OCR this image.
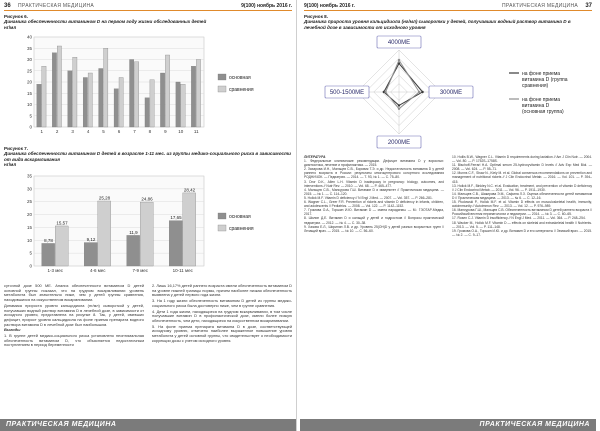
36 ПРАКТИЧЕСКАЯ МЕДИЦИНА	9(100) ноябрь 2016 г.
Рисунок 6.
Динамика обеспеченности витамином D на первом году жизни обследованных детей
нг/мл
0
5
10
15
20
25
30
35
40
1	2	3	4	5	6	7	8	9	10 11
основная
сравнения
Рисунок 7.
Динамика обеспеченности витамином D детей в возрасте 1-11 мес. из группы медико-социального риска в зависимости от вида вскармливания
нг/мл
0
5
10
15
20
25
30
35
8,78
15,57
1-3 мес
9,12
25,28
4-6 мес
11,9
24,86
7-9 мес
17,65
28,42
10-11 мес
основная
сравнения

суточной дозе 500 МЕ. Анализ обеспеченности витамином D детей основной группы показал, что на грудном вскармливании уровень метаболита был значительно ниже, чем у детей группы сравнения, находившихся на искусственном вскармливании.

Динамика прироста уровня кальцидиола (нг/мл) сывороткой у детей, получавших водный раствор витамина D в лечебной дозе, в зависимости от исходного уровня, представлена на рисунке 8. Так, у детей, имевших дефицит, прирост уровня кальцидиола на фоне приема препарата водного раствора витамина D в лечебной дозе был наибольшим.

Выводы

1. В группе детей медико-социального риска установлено неоптимальная обеспеченность витамином D, что объясняется недостаточным поступлением в период беременности

2. Лишь 16,17% детей раннего возраста имели обеспеченность витамином D на уровне нижней границы нормы, причем наиболее низкая обеспеченность выявлена у детей первого года жизни.

3. На 1 году жизни обеспеченность витамином D детей из группы медико-социального риска была достоверно ниже, чем в группе сравнения.

4. Дети 1 года жизни, находящиеся на грудном вскармливании, в том числе получавшие витамин D в профилактической дозе, имели более низкую обеспеченность, чем дети, находящиеся на искусственном вскармливании.

5. На фоне приема препарата витамина D в дозе, соответствующей исходному уровню, отмечено наиболее выраженное повышение уровня метаболита у детей основной группы, что свидетельствует о необходимости коррекции дозы с учетом исходного уровня.

ПРАКТИЧЕСКАЯ МЕДИЦИНА
9(100) ноябрь 2016 г.	ПРАКТИЧЕСКАЯ МЕДИЦИНА 37
Рисунок 8.
Динамика прироста уровня кальцидиола (нг/мл) сыворотки у детей, получавших водный раствор витамина D в лечебной дозе в зависимости от исходного уровня
4000МЕ
3000МЕ
2000МЕ
500-1500МЕ
на фоне приема
витамина D (группа
сравнения)
на фоне приема
витамина D
(основная группа)
ЛИТЕРАТУРА
1. Федеральные клинические рекомендации. Дефицит витамина D у взрослых: диагностика, лечение и профилактика. — 2015.
2. Захарова И.Н., Мальцев С.В., Боровик Т.Э. и др. Недостаточность витамина D у детей раннего возраста в России: результаты многоцентрового когортного исследования РОДНИЧОК. — Педиатрия. — 2014. — Т. 93, № 1. — С. 75–80.
3. Dror D.K., Allen L.H. Vitamin D inadequacy in pregnancy: biology, outcomes, and interventions // Nutr Rev. — 2010. — Vol. 68. — P. 465–477.
4. Мальцев С.В., Мансурова Г.Ш. Витамин D и иммунитет // Практическая медицина. — 2015. — № 1. — С. 114–120.
5. Holick M.F. Vitamin D deficiency // N Engl J Med. — 2007. — Vol. 357. — P. 266–281.
6. Wagner C.L., Greer F.R. Prevention of rickets and vitamin D deficiency in infants, children, and adolescents // Pediatrics. — 2008. — Vol. 122. — P. 1142–1152.
7. Громова О.А., Торшин И.Ю. Витамин D — смена парадигмы. — М.: ГЭОТАР-Медиа, 2017.
8. Шилин Д.Е. Витамин D и кальций у детей и подростков // Вопросы практической педиатрии. — 2012. — № 4. — С. 30–38.
9. Хазова Е.Л., Ширинян Л.В. и др. Уровень 25(OH)D у детей разных возрастных групп // Лечащий врач. — 2015. — № 10. — С. 56–60.
10. Hollis B.W., Wagner C.L. Vitamin D requirements during lactation // Am J Clin Nutr. — 2004. — Vol. 80. — P. 1752S–1758S.
11. Bischoff-Ferrari H.A. Optimal serum 25-hydroxyvitamin D levels // Adv Exp Med Biol. — 2008. — Vol. 624. — P. 55–71.
12. Munns C.F., Shaw N., Kiely M. et al. Global consensus recommendations on prevention and management of nutritional rickets // J Clin Endocrinol Metab. — 2016. — Vol. 101. — P. 394–415.
13. Holick M.F., Binkley N.C. et al. Evaluation, treatment, and prevention of vitamin D deficiency // J Clin Endocrinol Metab. — 2011. — Vol. 96. — P. 1911–1930.
14. Мальцев С.В., Шакирова Э.М., Сафина Л.З. Оценка обеспеченности детей витамином D // Практическая медицина. — 2013. — № 6. — С. 12–16.
15. Pludowski P., Holick M.F. et al. Vitamin D effects on musculoskeletal health, immunity, autoimmunity // Autoimmun Rev. — 2013. — Vol. 12. — P. 976–989.
16. Мансурова Г.Ш., Мальцев С.В. Обеспеченность витамином D детей раннего возраста // Российский вестник перинатологии и педиатрии. — 2014. — № 3. — С. 60–65.
17. Rosen C.J. Vitamin D insufficiency // N Engl J Med. — 2011. — Vol. 364. — P. 248–254.
18. Wacker M., Holick M.F. Vitamin D — effects on skeletal and extraskeletal health // Nutrients. — 2013. — Vol. 5. — P. 111–148.
19. Громова О.А., Торшин И.Ю. и др. Витамин D и его синергисты // Земский врач. — 2015. — № 2. — С. 9–17.
ПРАКТИЧЕСКАЯ МЕДИЦИНА
